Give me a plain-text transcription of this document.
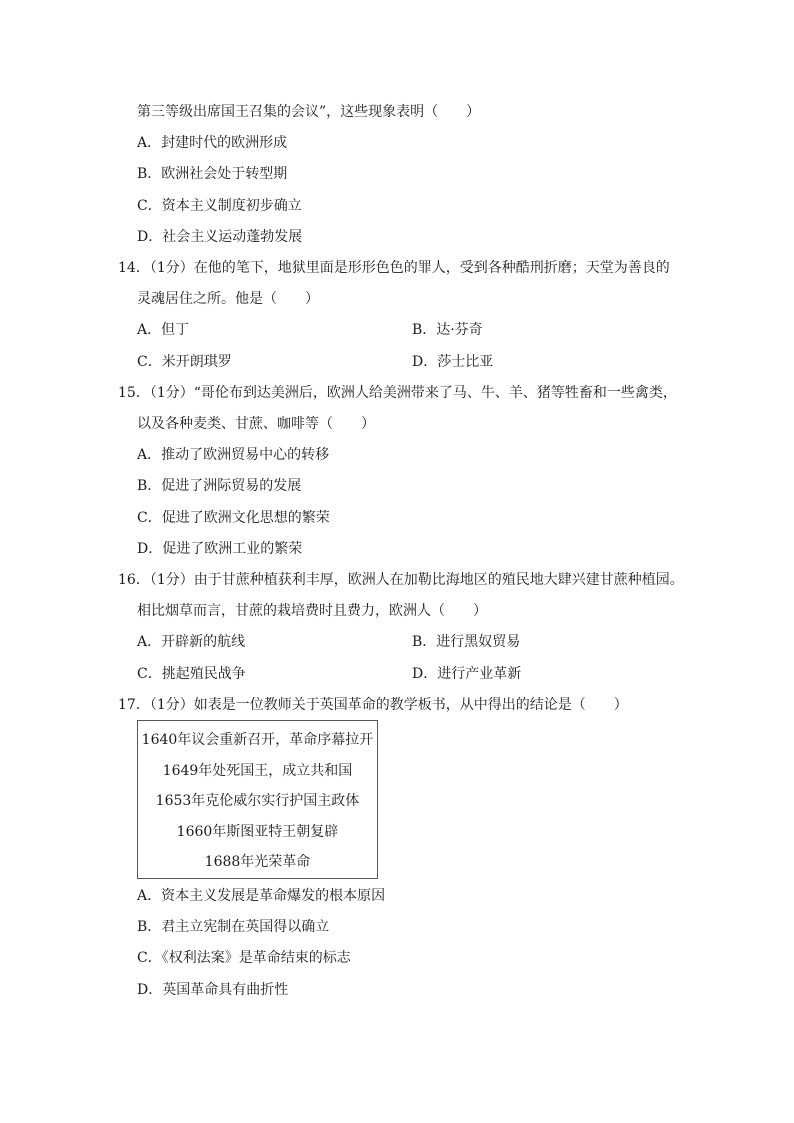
第三等级出席国王召集的会议”，这些现象表明（　　）
A．封建时代的欧洲形成
B．欧洲社会处于转型期
C．资本主义制度初步确立
D．社会主义运动蓬勃发展
14．（1分）在他的笔下，地狱里面是形形色色的罪人，受到各种酷刑折磨；天堂为善良的
灵魂居住之所。他是（　　）
A．但丁	B．达·芬奇
C．米开朗琪罗	D．莎士比亚
15．（1分）“哥伦布到达美洲后，欧洲人给美洲带来了马、牛、羊、猪等牲畜和一些禽类，
以及各种麦类、甘蔗、咖啡等（　　）
A．推动了欧洲贸易中心的转移
B．促进了洲际贸易的发展
C．促进了欧洲文化思想的繁荣
D．促进了欧洲工业的繁荣
16．（1分）由于甘蔗种植获利丰厚，欧洲人在加勒比海地区的殖民地大肆兴建甘蔗种植园。
相比烟草而言，甘蔗的栽培费时且费力，欧洲人（　　）
A．开辟新的航线	B．进行黑奴贸易
C．挑起殖民战争	D．进行产业革新
17．（1分）如表是一位教师关于英国革命的教学板书，从中得出的结论是（　　）
1640年议会重新召开，革命序幕拉开
1649年处死国王，成立共和国
1653年克伦威尔实行护国主政体
1660年斯图亚特王朝复辟
1688年光荣革命
A．资本主义发展是革命爆发的根本原因
B．君主立宪制在英国得以确立
C．《权利法案》是革命结束的标志
D．英国革命具有曲折性
